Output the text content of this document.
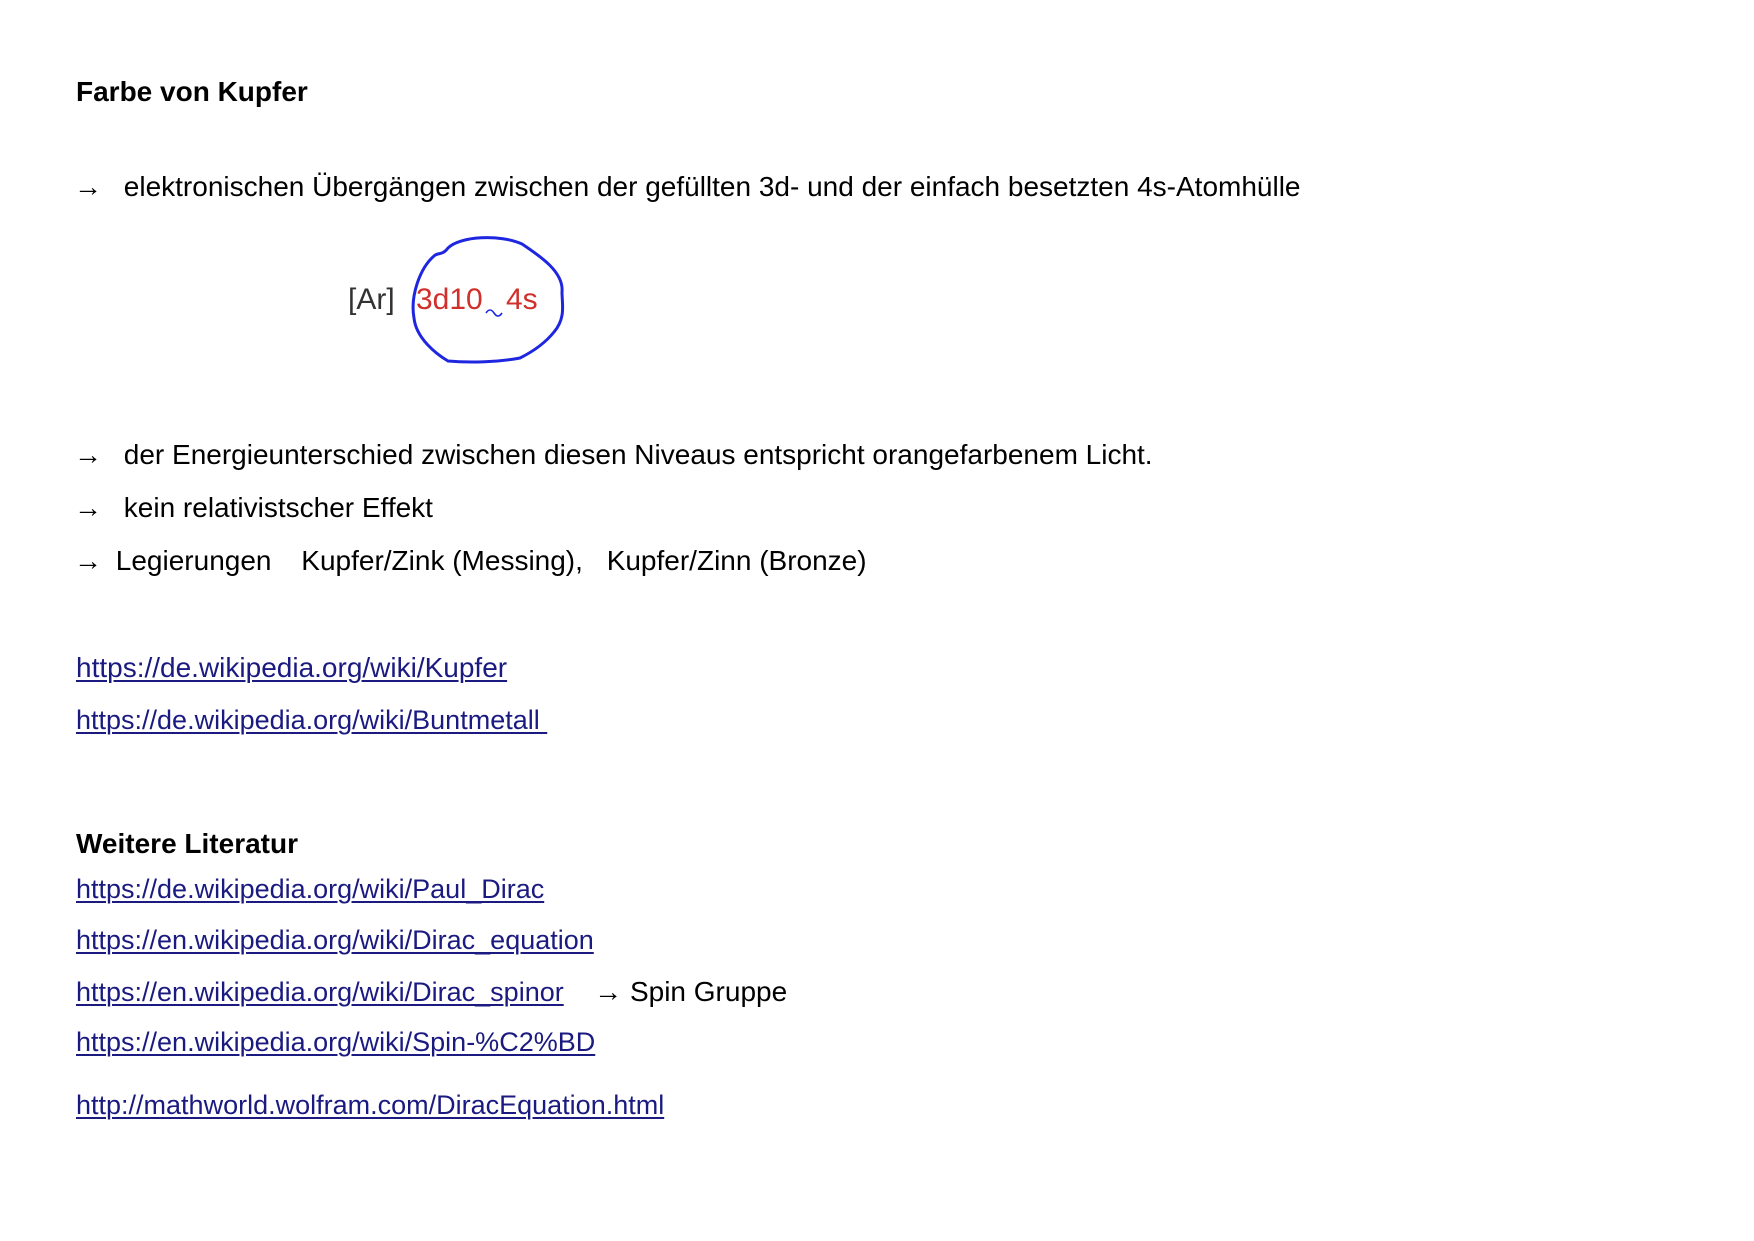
Farbe von Kupfer
→ elektronischen Übergängen zwischen der gefüllten 3d- und der einfach besetzten 4s-Atomhülle
[Ar] 3d10 4s
→ der Energieunterschied zwischen diesen Niveaus entspricht orangefarbenem Licht.
→ kein relativistscher Effekt
→ Legierungen Kupfer/Zink (Messing), Kupfer/Zinn (Bronze)
https://de.wikipedia.org/wiki/Kupfer
https://de.wikipedia.org/wiki/Buntmetall
Weitere Literatur
https://de.wikipedia.org/wiki/Paul_Dirac
https://en.wikipedia.org/wiki/Dirac_equation
https://en.wikipedia.org/wiki/Dirac_spinor → Spin Gruppe
https://en.wikipedia.org/wiki/Spin-%C2%BD
http://mathworld.wolfram.com/DiracEquation.html
